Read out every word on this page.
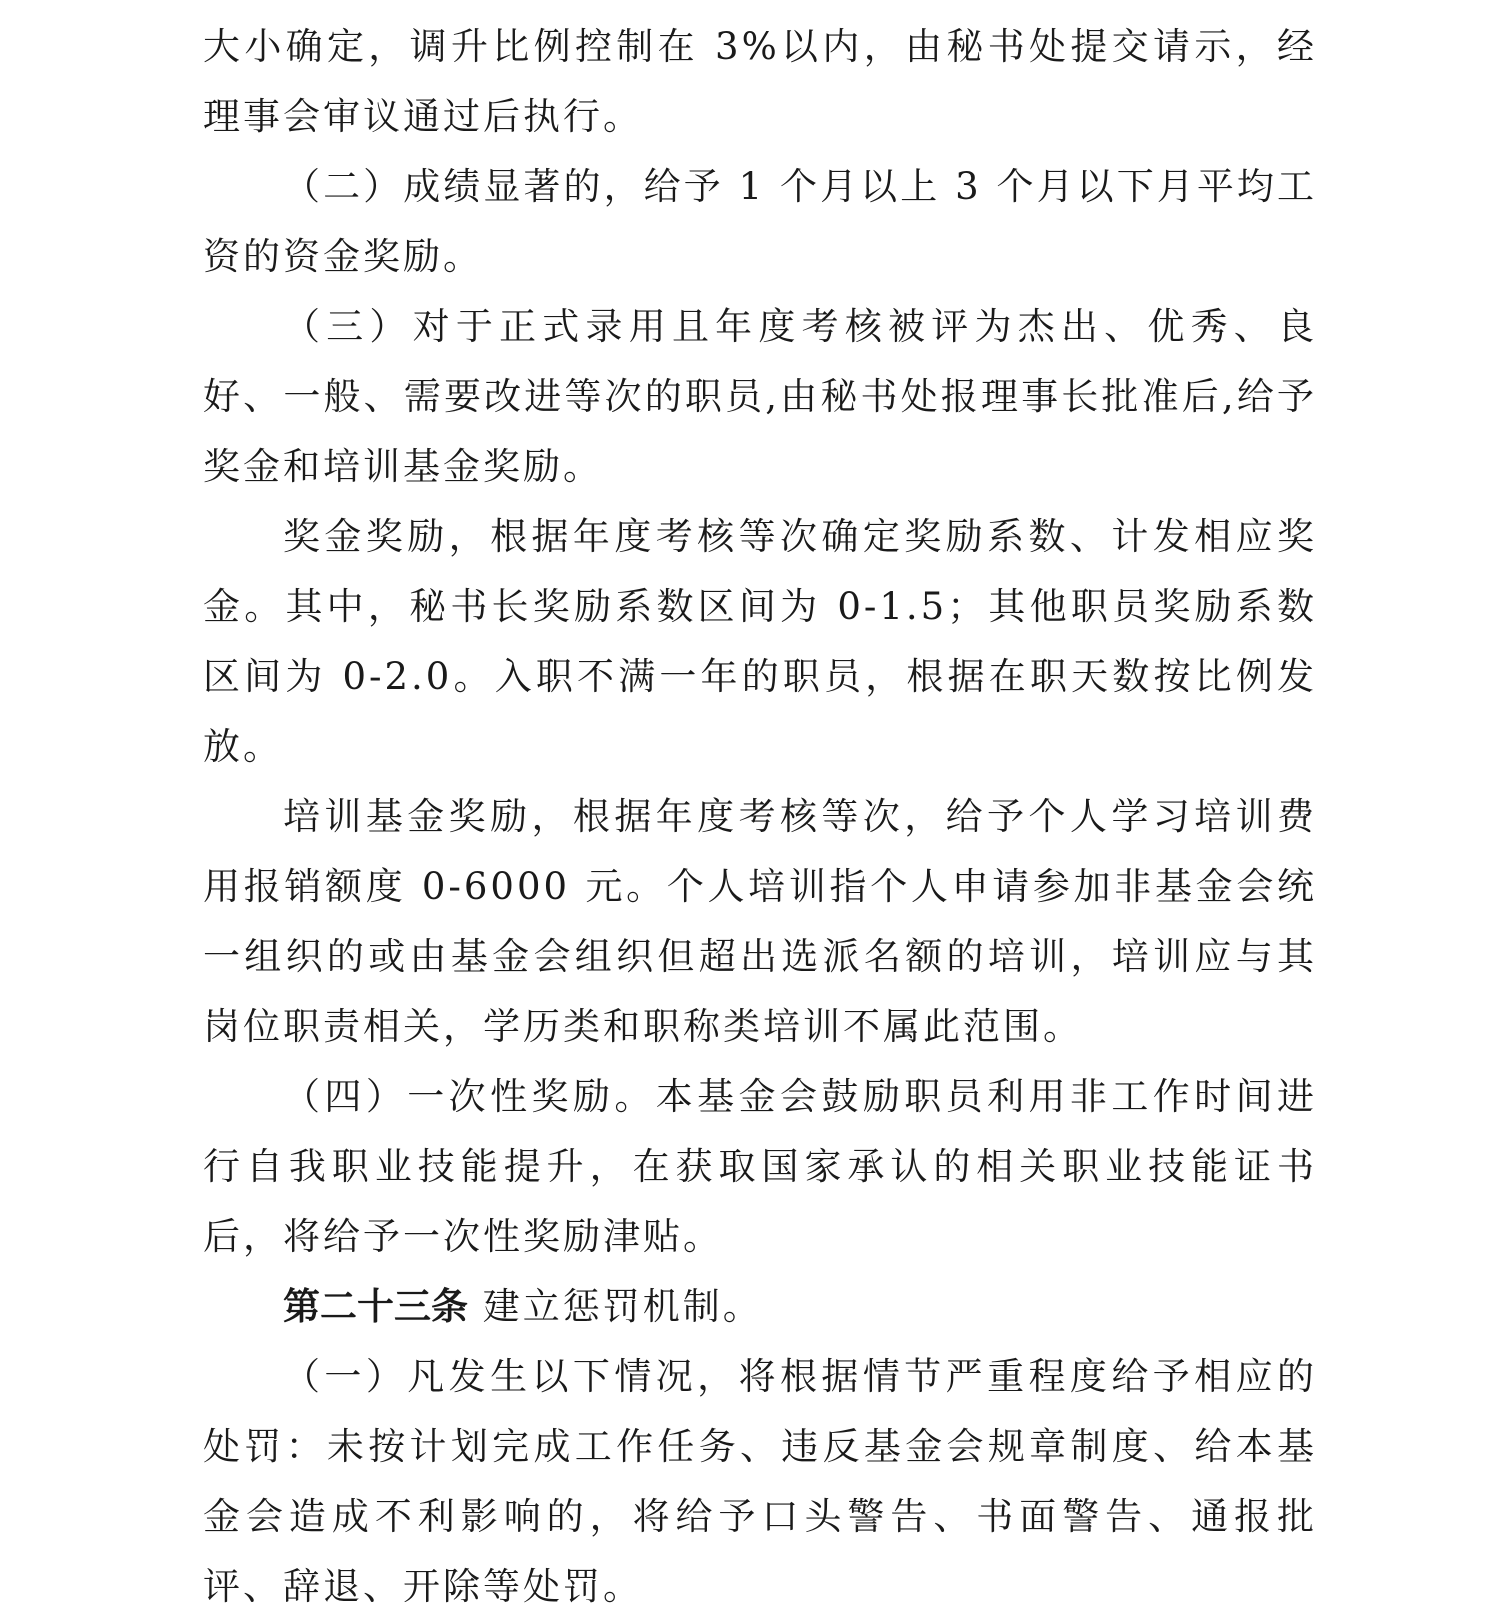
大小确定，调升比例控制在 3%以内，由秘书处提交请示，经理事会审议通过后执行。

（二）成绩显著的，给予 1 个月以上 3 个月以下月平均工资的资金奖励。

（三）对于正式录用且年度考核被评为杰出、优秀、良好、一般、需要改进等次的职员,由秘书处报理事长批准后,给予奖金和培训基金奖励。

奖金奖励，根据年度考核等次确定奖励系数、计发相应奖金。其中，秘书长奖励系数区间为 0-1.5；其他职员奖励系数区间为 0-2.0。入职不满一年的职员，根据在职天数按比例发放。

培训基金奖励，根据年度考核等次，给予个人学习培训费用报销额度 0-6000 元。个人培训指个人申请参加非基金会统一组织的或由基金会组织但超出选派名额的培训，培训应与其岗位职责相关，学历类和职称类培训不属此范围。

（四）一次性奖励。本基金会鼓励职员利用非工作时间进行自我职业技能提升，在获取国家承认的相关职业技能证书后，将给予一次性奖励津贴。

第二十三条 建立惩罚机制。

（一）凡发生以下情况，将根据情节严重程度给予相应的处罚：未按计划完成工作任务、违反基金会规章制度、给本基金会造成不利影响的，将给予口头警告、书面警告、通报批评、辞退、开除等处罚。
